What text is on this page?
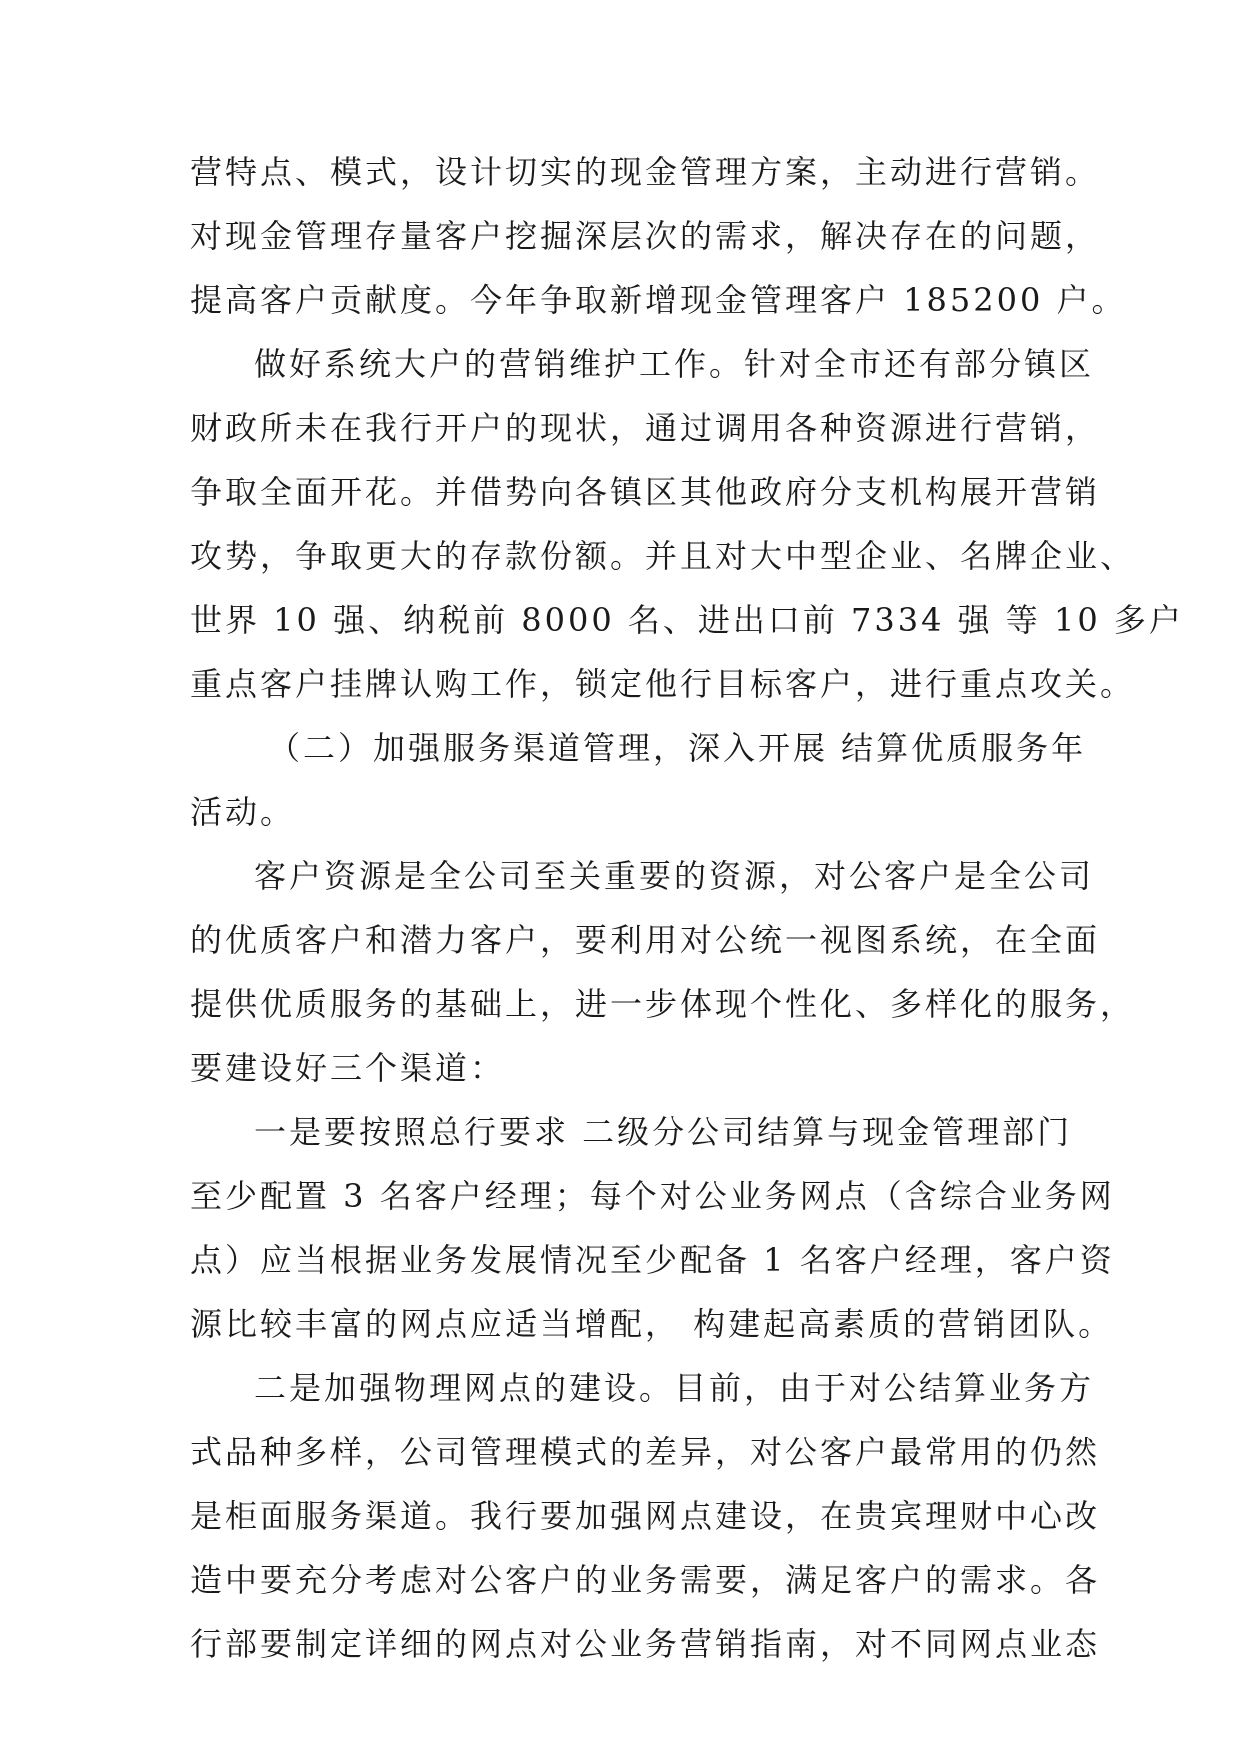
营特点、模式，设计切实的现金管理方案，主动进行营销。
对现金管理存量客户挖掘深层次的需求，解决存在的问题，
提高客户贡献度。今年争取新增现金管理客户 185200 户。
做好系统大户的营销维护工作。针对全市还有部分镇区
财政所未在我行开户的现状，通过调用各种资源进行营销，
争取全面开花。并借势向各镇区其他政府分支机构展开营销
攻势，争取更大的存款份额。并且对大中型企业、名牌企业、
世界 10 强、纳税前 8000 名、进出口前 7334 强 等 10 多户
重点客户挂牌认购工作，锁定他行目标客户，进行重点攻关。
（二）加强服务渠道管理，深入开展 结算优质服务年
活动。
客户资源是全公司至关重要的资源，对公客户是全公司
的优质客户和潜力客户，要利用对公统一视图系统，在全面
提供优质服务的基础上，进一步体现个性化、多样化的服务，
要建设好三个渠道：
一是要按照总行要求 二级分公司结算与现金管理部门
至少配置 3 名客户经理；每个对公业务网点（含综合业务网
点）应当根据业务发展情况至少配备 1 名客户经理，客户资
源比较丰富的网点应适当增配， 构建起高素质的营销团队。
二是加强物理网点的建设。目前，由于对公结算业务方
式品种多样，公司管理模式的差异，对公客户最常用的仍然
是柜面服务渠道。我行要加强网点建设，在贵宾理财中心改
造中要充分考虑对公客户的业务需要，满足客户的需求。各
行部要制定详细的网点对公业务营销指南，对不同网点业态
